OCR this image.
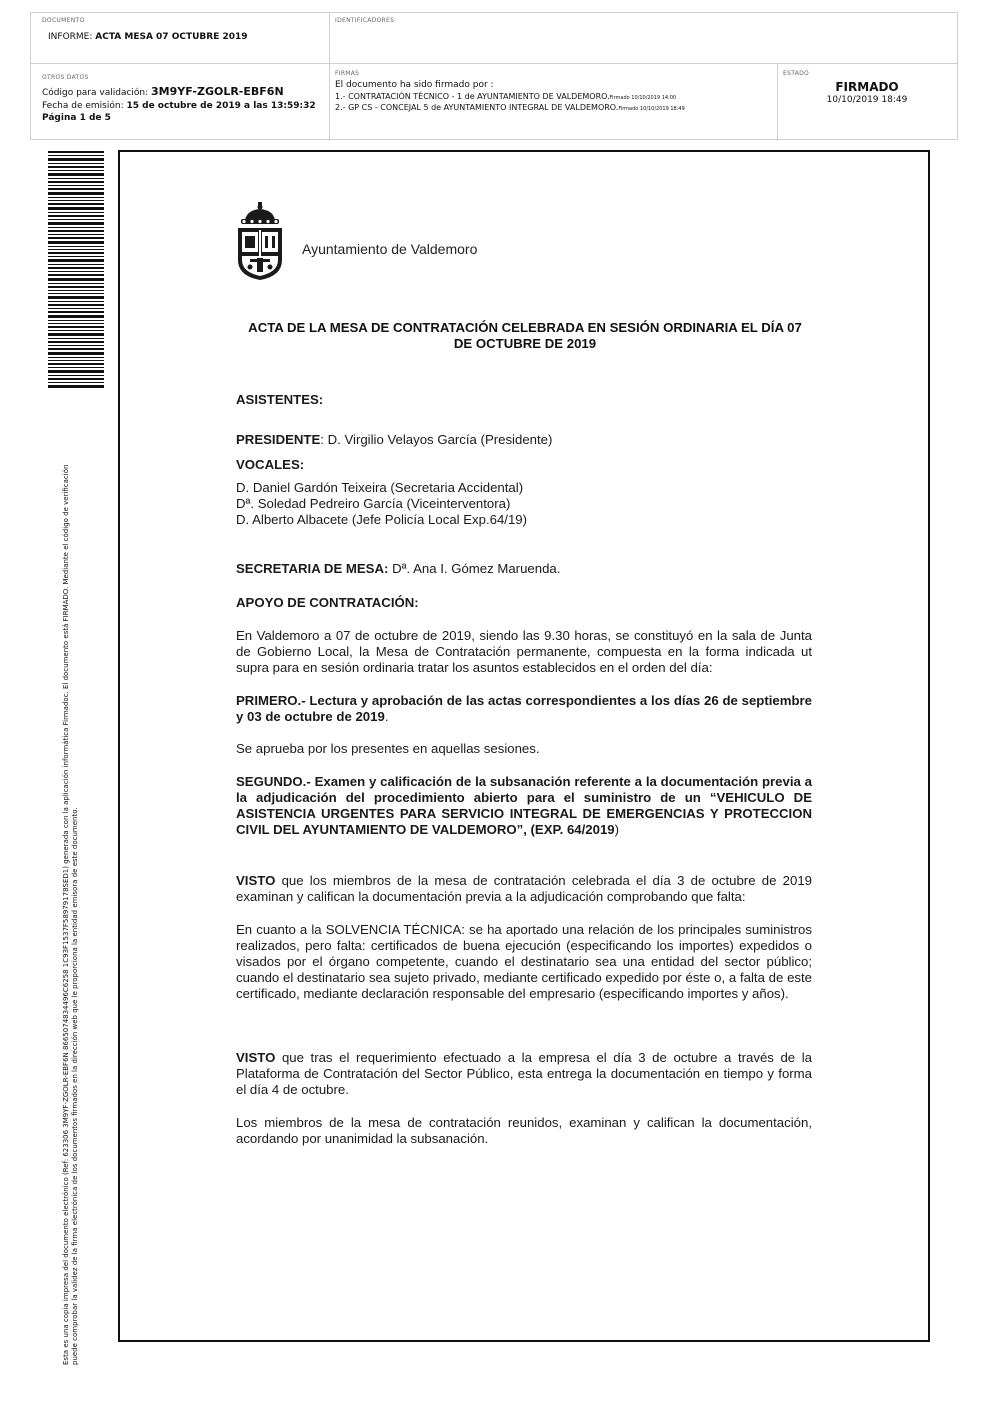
DOCUMENTO
INFORME: ACTA MESA 07 OCTUBRE 2019
IDENTIFICADORES
OTROS DATOS
Código para validación: 3M9YF-ZGOLR-EBF6N
Fecha de emisión: 15 de octubre de 2019 a las 13:59:32
Página 1 de 5
FIRMAS
El documento ha sido firmado por :
1.- CONTRATACIÓN TÉCNICO - 1 de AYUNTAMIENTO DE VALDEMORO.Firmado 10/10/2019 14:00
2.- GP CS - CONCEJAL 5 de AYUNTAMIENTO INTEGRAL DE VALDEMORO.Firmado 10/10/2019 18:49
ESTADO
FIRMADO
10/10/2019 18:49
Esta es una copia impresa del documento electrónico (Ref: 623306 3M9YF-ZGOLR-EBF6N 8665074834496C6258 1C93F1537F58979178SED1) generada con la aplicación informática Firmadoc. El documento está FIRMADO. Mediante el código de verificación puede comprobar la validez de la firma electrónica de los documentos firmados en la dirección web que le proporciona la entidad emisora de este documento.
Ayuntamiento de Valdemoro
ACTA DE LA MESA DE CONTRATACIÓN CELEBRADA EN SESIÓN ORDINARIA EL DÍA 07
DE OCTUBRE DE 2019
ASISTENTES:
PRESIDENTE: D. Virgilio Velayos García (Presidente)
VOCALES:
D. Daniel Gardón Teixeira (Secretaria Accidental)
Dª. Soledad Pedreiro García (Viceinterventora)
D. Alberto Albacete (Jefe Policía Local Exp.64/19)
SECRETARIA DE MESA: Dª. Ana I. Gómez Maruenda.
APOYO DE CONTRATACIÓN:
En Valdemoro a 07 de octubre de 2019, siendo las 9.30 horas, se constituyó en la sala de Junta de Gobierno Local, la Mesa de Contratación permanente, compuesta en la forma indicada ut supra para en sesión ordinaria tratar los asuntos establecidos en el orden del día:
PRIMERO.- Lectura y aprobación de las actas correspondientes a los días 26 de septiembre y 03 de octubre de 2019.
Se aprueba por los presentes en aquellas sesiones.
SEGUNDO.- Examen y calificación de la subsanación referente a la documentación previa a la adjudicación del procedimiento abierto para el suministro de un “VEHICULO DE ASISTENCIA URGENTES PARA SERVICIO INTEGRAL DE EMERGENCIAS Y PROTECCION CIVIL DEL AYUNTAMIENTO DE VALDEMORO”, (EXP. 64/2019)
VISTO que los miembros de la mesa de contratación celebrada el día 3 de octubre de 2019 examinan y califican la documentación previa a la adjudicación comprobando que falta:
En cuanto a la SOLVENCIA TÉCNICA: se ha aportado una relación de los principales suministros realizados, pero falta: certificados de buena ejecución (especificando los importes) expedidos o visados por el órgano competente, cuando el destinatario sea una entidad del sector público; cuando el destinatario sea sujeto privado, mediante certificado expedido por éste o, a falta de este certificado, mediante declaración responsable del empresario (especificando importes y años).
VISTO que tras el requerimiento efectuado a la empresa el día 3 de octubre a través de la Plataforma de Contratación del Sector Público, esta entrega la documentación en tiempo y forma el día 4 de octubre.
Los miembros de la mesa de contratación reunidos, examinan y califican la documentación, acordando por unanimidad la subsanación.
